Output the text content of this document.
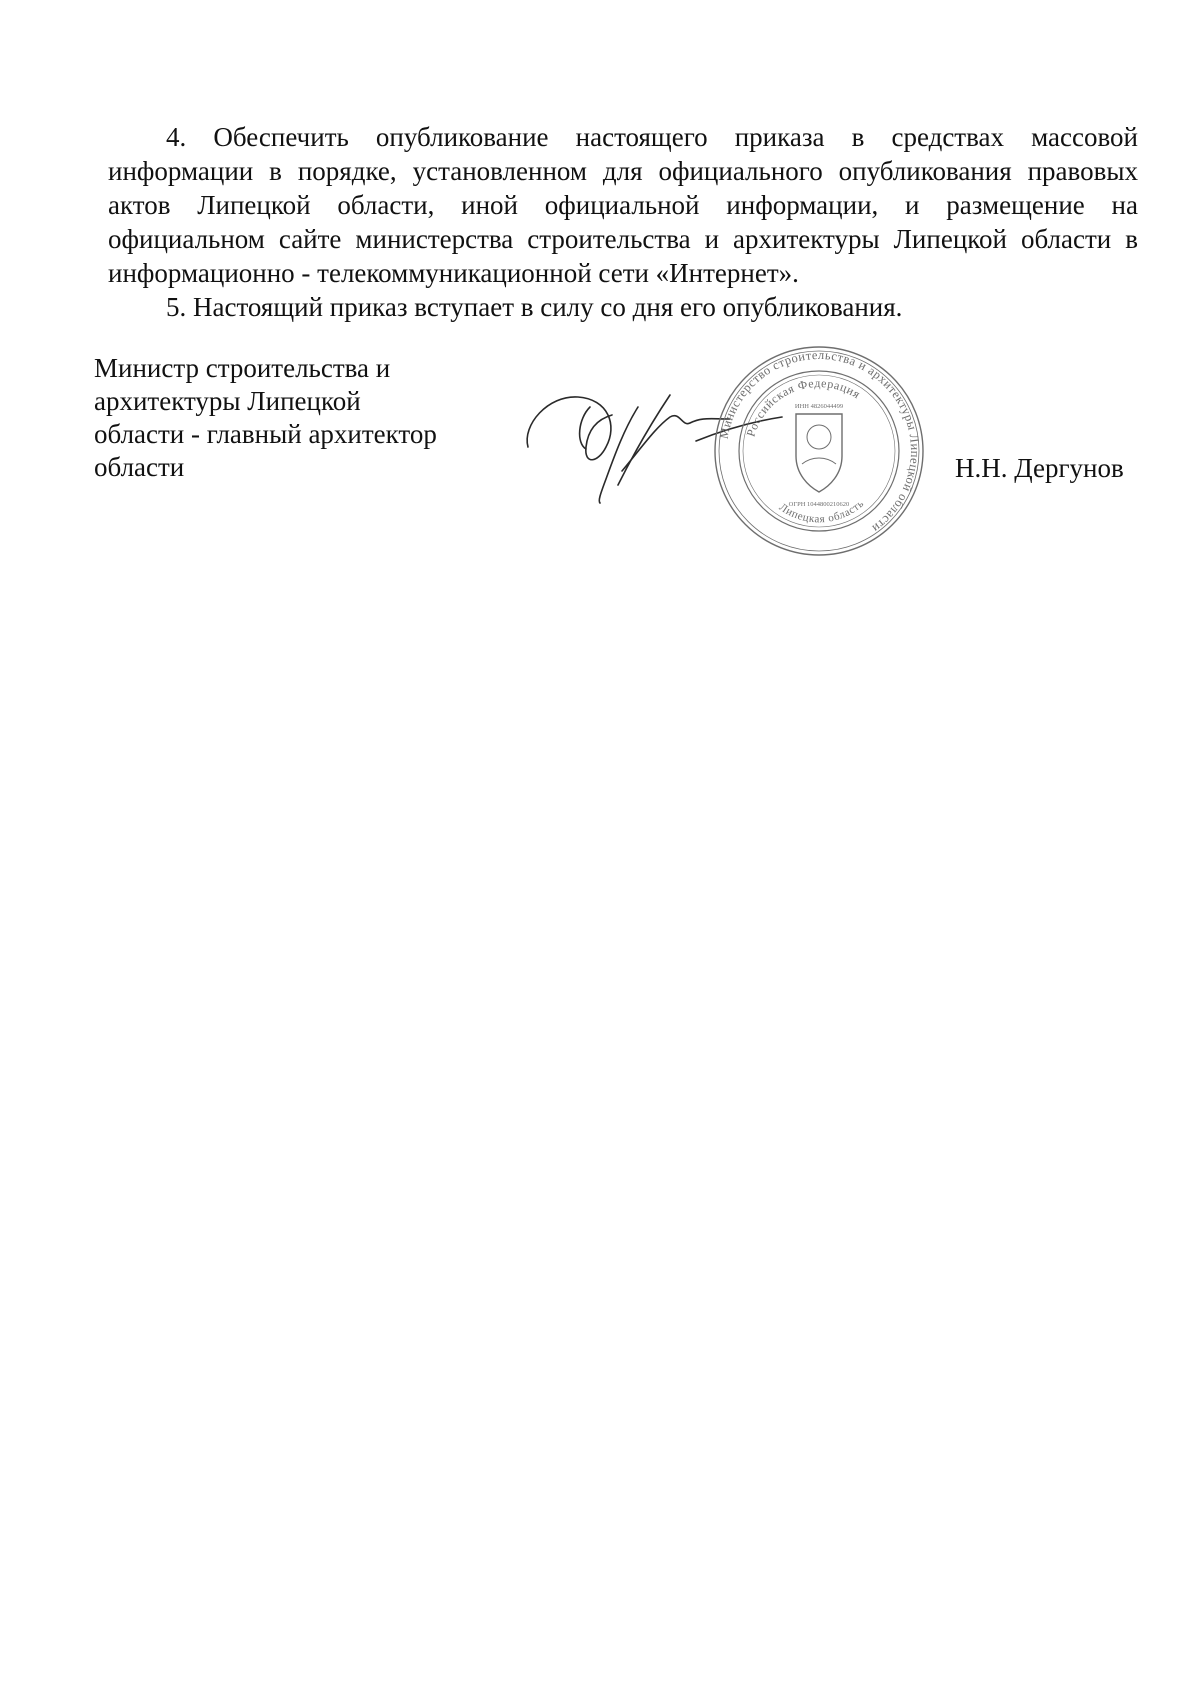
4. Обеспечить опубликование настоящего приказа в средствах массовой информации в порядке, установленном для официального опубликования правовых актов Липецкой области, иной официальной информации, и размещение на официальном сайте министерства строительства и архитектуры Липецкой области в информационно - телекоммуникационной сети «Интернет».

5. Настоящий приказ вступает в силу со дня его опубликования.

Министр строительства и
архитектуры Липецкой
области - главный архитектор
области
Министерство строительства и архитектуры Липецкой области
Российская Федерация
Липецкая область
ИНН 4826044499
ОГРН 1044800210620
Н.Н. Дергунов
